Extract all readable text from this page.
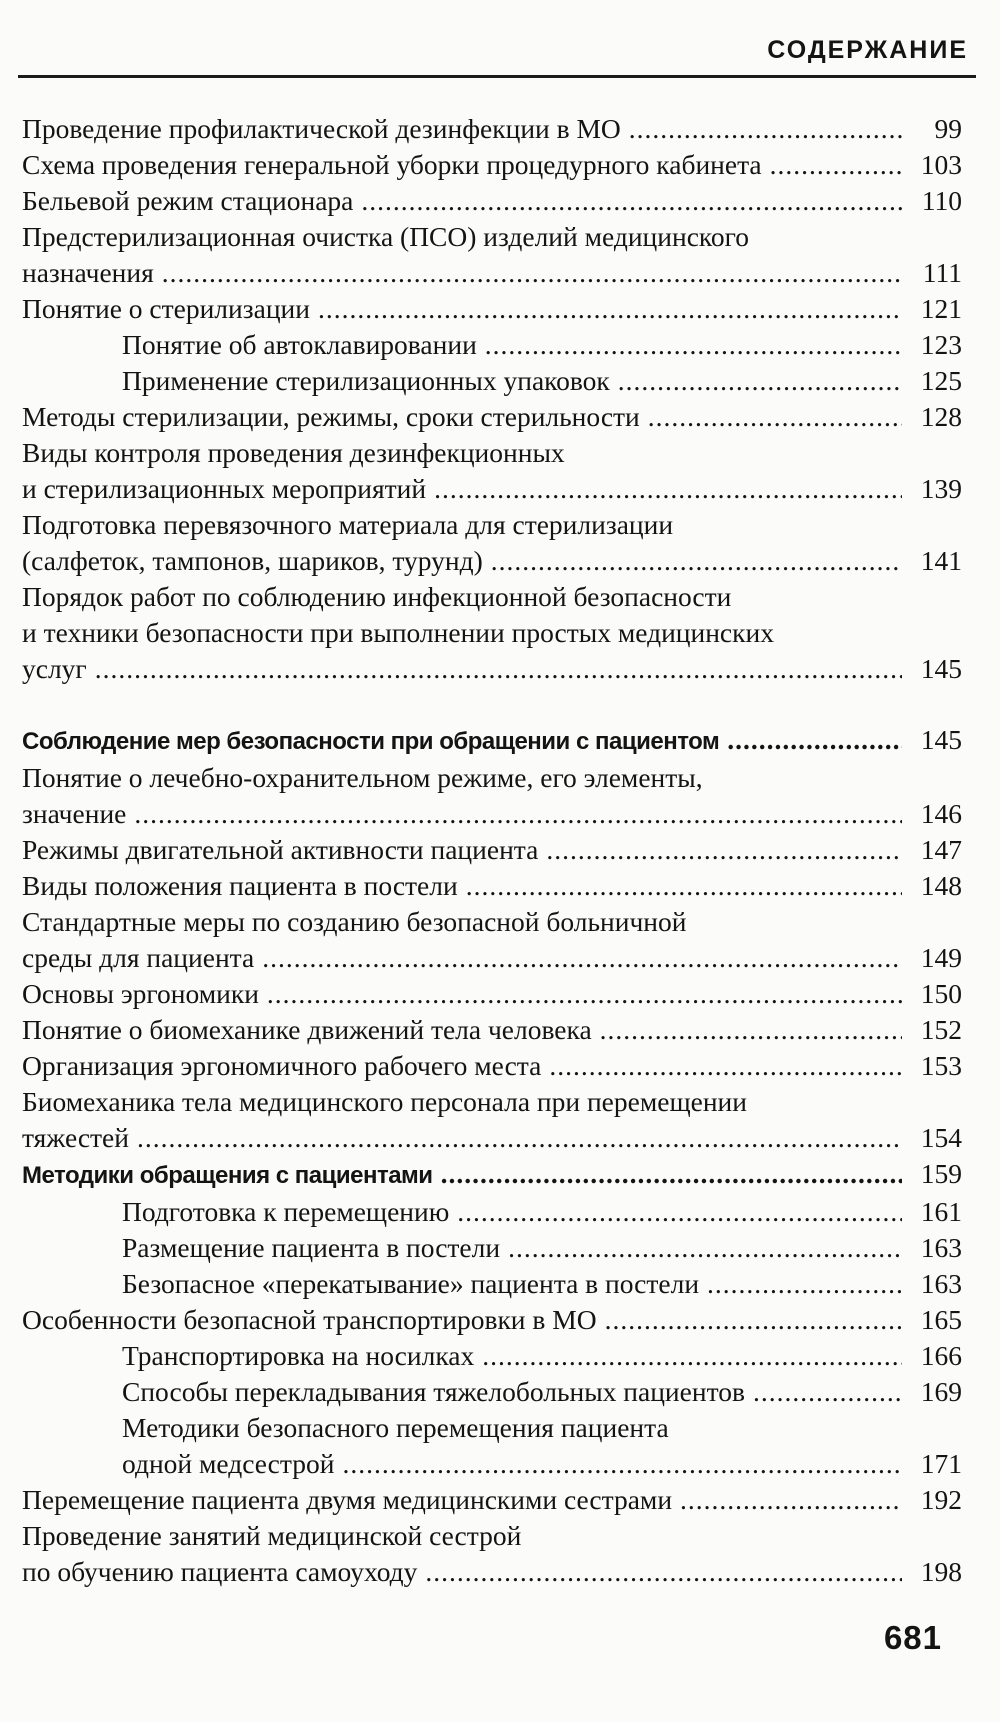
СОДЕРЖАНИЕ
Проведение профилактической дезинфекции в МО .....	99
Схема проведения генеральной уборки процедурного кабинета .....	103
Бельевой режим стационара .....	110
Предстерилизационная очистка (ПСО) изделий медицинского
назначения .....	111
Понятие о стерилизации .....	121
Понятие об автоклавировании .....	123
Применение стерилизационных упаковок .....	125
Методы стерилизации, режимы, сроки стерильности .....	128
Виды контроля проведения дезинфекционных
и стерилизационных мероприятий .....	139
Подготовка перевязочного материала для стерилизации
(салфеток, тампонов, шариков, турунд) .....	141
Порядок работ по соблюдению инфекционной безопасности
и техники безопасности при выполнении простых медицинских
услуг .....	145
Соблюдение мер безопасности при обращении с пациентом .....	145
Понятие о лечебно-охранительном режиме, его элементы,
значение .....	146
Режимы двигательной активности пациента .....	147
Виды положения пациента в постели .....	148
Стандартные меры по созданию безопасной больничной
среды для пациента .....	149
Основы эргономики .....	150
Понятие о биомеханике движений тела человека .....	152
Организация эргономичного рабочего места .....	153
Биомеханика тела медицинского персонала при перемещении
тяжестей .....	154
Методики обращения с пациентами .....	159
Подготовка к перемещению .....	161
Размещение пациента в постели .....	163
Безопасное «перекатывание» пациента в постели .....	163
Особенности безопасной транспортировки в МО .....	165
Транспортировка на носилках .....	166
Способы перекладывания тяжелобольных пациентов .....	169
Методики безопасного перемещения пациента
одной медсестрой .....	171
Перемещение пациента двумя медицинскими сестрами .....	192
Проведение занятий медицинской сестрой
по обучению пациента самоуходу .....	198
681
